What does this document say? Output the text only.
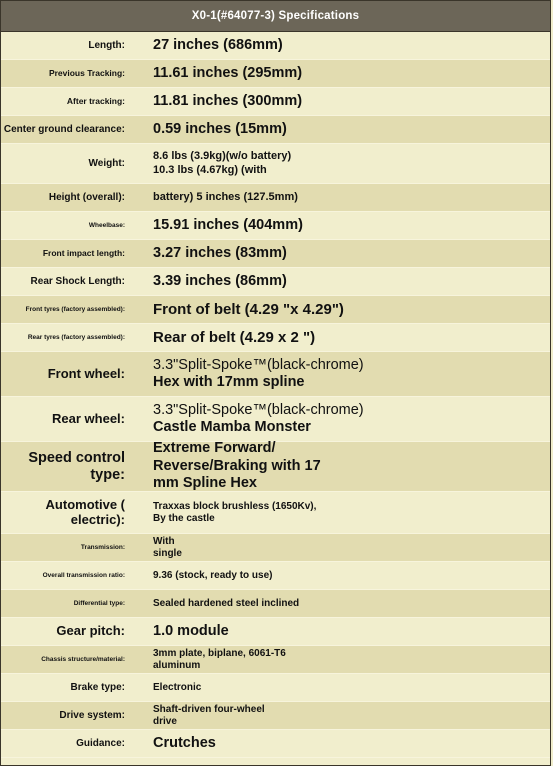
X0-1(#64077-3) Specifications
Length:	27 inches (686mm)
Previous Tracking:	11.61 inches (295mm)
After tracking:	11.81 inches (300mm)
Center ground clearance:	0.59 inches (15mm)
Weight:
8.6 lbs (3.9kg)(w/o battery)
10.3 lbs (4.67kg) (with
Height (overall):	battery) 5 inches (127.5mm)
Wheelbase:	15.91 inches (404mm)
Front impact length:	3.27 inches (83mm)
Rear Shock Length:	3.39 inches (86mm)
Front tyres (factory assembled):	Front of belt (4.29 "x 4.29")
Rear tyres (factory assembled):	Rear of belt (4.29 x 2 ")
Front wheel:
3.3"Split-Spoke™(black-chrome)
Hex with 17mm spline
Rear wheel:
3.3"Split-Spoke™(black-chrome)
Castle Mamba Monster
Speed control type:
Extreme Forward/
Reverse/Braking with 17
mm Spline Hex
Automotive ( electric):
Traxxas block brushless (1650Kv),
By the castle
Transmission:
With
single
Overall transmission ratio:	9.36 (stock, ready to use)
Differential type:	Sealed hardened steel inclined
Gear pitch:	1.0 module
Chassis structure/material:
3mm plate, biplane, 6061-T6
aluminum
Brake type:	Electronic
Drive system:
Shaft-driven four-wheel
drive
Guidance:	Crutches
